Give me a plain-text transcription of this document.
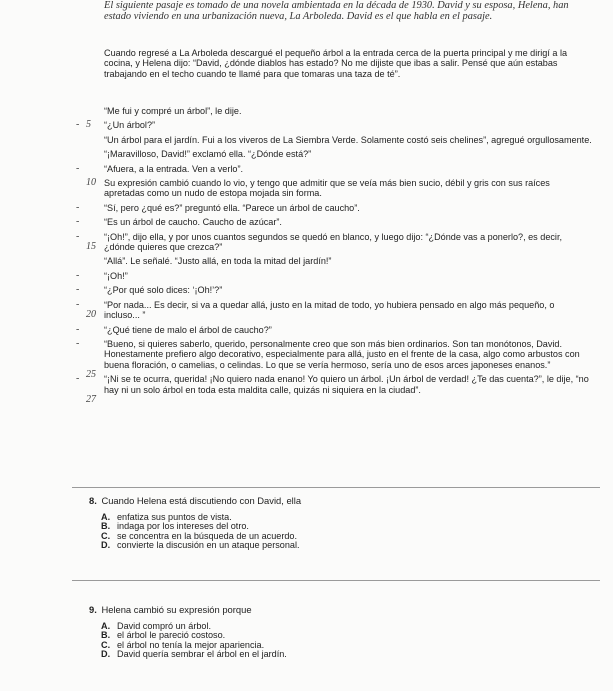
El siguiente pasaje es tomado de una novela ambientada en la década de 1930. David y su esposa, Helena, han estado viviendo en una urbanización nueva, La Arboleda. David es el que habla en el pasaje.
Cuando regresé a La Arboleda descargué el pequeño árbol a la entrada cerca de la puerta principal y me dirigí a la cocina, y Helena dijo: “David, ¿dónde diablos has estado? No me dijiste que ibas a salir. Pensé que aún estabas trabajando en el techo cuando te llamé para que tomaras una taza de té”.
“Me fui y compré un árbol”, le dije.
- 5 “¿Un árbol?”
“Un árbol para el jardín. Fui a los viveros de La Siembra Verde. Solamente costó seis chelines”, agregué orgullosamente.
“¡Maravilloso, David!” exclamó ella. “¿Dónde está?”
-	“Afuera, a la entrada. Ven a verlo”.
10 Su expresión cambió cuando lo vio, y tengo que admitir que se veía más bien sucio, débil y gris con sus raíces apretadas como un nudo de estopa mojada sin forma.
-	“Sí, pero ¿qué es?” preguntó ella. “Parece un árbol de caucho”.
-	“Es un árbol de caucho. Caucho de azúcar”.
-
15
“¡Oh!”, dijo ella, y por unos cuantos segundos se quedó en blanco, y luego dijo: “¿Dónde vas a ponerlo?, es decir, ¿dónde quieres que crezca?”
“Allá”. Le señalé. “Justo allá, en toda la mitad del jardín!”
-	“¡Oh!”
-	“¿Por qué solo dices: ‘¡Oh!’?”
-
20
“Por nada... Es decir, si va a quedar allá, justo en la mitad de todo, yo hubiera pensado en algo más pequeño, o incluso... ”
-	“¿Qué tiene de malo el árbol de caucho?”
-
25
“Bueno, si quieres saberlo, querido, personalmente creo que son más bien ordinarios. Son tan monótonos, David. Honestamente prefiero algo decorativo, especialmente para allá, justo en el frente de la casa, algo como arbustos con buena floración, o camelias, o celindas. Lo que se vería hermoso, sería uno de esos arces japoneses enanos.”
-
27
“¡Ni se te ocurra, querida! ¡No quiero nada enano! Yo quiero un árbol. ¡Un árbol de verdad! ¿Te das cuenta?”, le dije, “no hay ni un solo árbol en toda esta maldita calle, quizás ni siquiera en la ciudad”.
8. Cuando Helena está discutiendo con David, ella
A. enfatiza sus puntos de vista.
B. indaga por los intereses del otro.
C. se concentra en la búsqueda de un acuerdo.
D. convierte la discusión en un ataque personal.
9. Helena cambió su expresión porque
A. David compró un árbol.
B. el árbol le pareció costoso.
C. el árbol no tenía la mejor apariencia.
D. David quería sembrar el árbol en el jardín.
